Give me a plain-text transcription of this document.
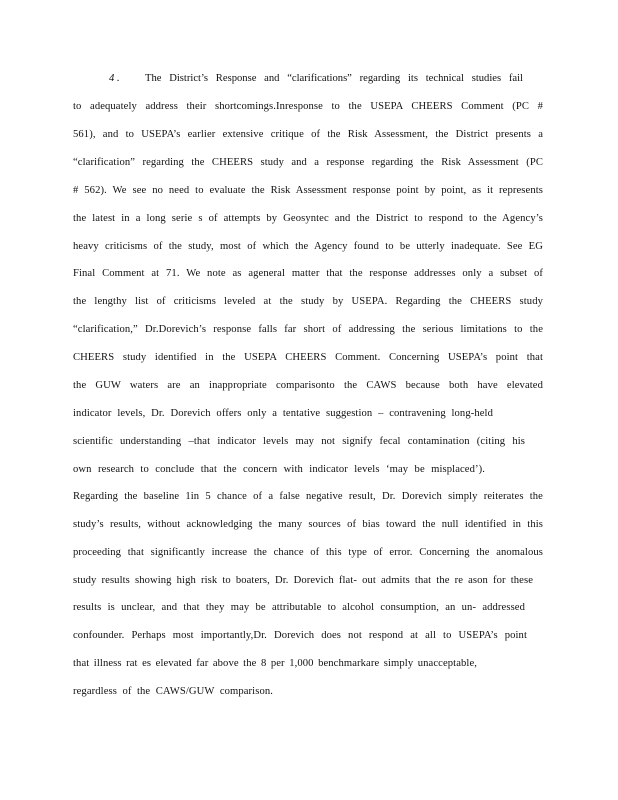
4 . The District’s Response and “clarifications” regarding its technical studies fail
to adequately address their shortcomings.Inresponse to the USEPA CHEERS Comment (PC #
561), and to USEPA’s earlier extensive critique of the Risk Assessment, the District presents a
“clarification” regarding the CHEERS study and a response regarding the Risk Assessment (PC
# 562). We see no need to evaluate the Risk Assessment response point by point, as it represents
the latest in a long serie s of attempts by Geosyntec and the District to respond to the Agency’s
heavy criticisms of the study, most of which the Agency found to be utterly inadequate. See EG
Final Comment at 71. We note as ageneral matter that the response addresses only a subset of
the lengthy list of criticisms leveled at the study by USEPA. Regarding the CHEERS study
“clarification,” Dr.Dorevich’s response falls far short of addressing the serious limitations to the
CHEERS study identified in the USEPA CHEERS Comment. Concerning USEPA’s point that
the GUW waters are an inappropriate comparisonto the CAWS because both have elevated
indicator levels, Dr. Dorevich offers only a tentative suggestion – contravening long-held
scientific understanding –that indicator levels may not signify fecal contamination (citing his
own research to conclude that the concern with indicator levels ‘may be misplaced’).
Regarding the baseline 1in 5 chance of a false negative result, Dr. Dorevich simply reiterates the
study’s results, without acknowledging the many sources of bias toward the null identified in this
proceeding that significantly increase the chance of this type of error. Concerning the anomalous
study results showing high risk to boaters, Dr. Dorevich flat- out admits that the re ason for these
results is unclear, and that they may be attributable to alcohol consumption, an un- addressed
confounder. Perhaps most importantly,Dr. Dorevich does not respond at all to USEPA’s point
that illness rat es elevated far above the 8 per 1,000 benchmarkare simply unacceptable,
regardless of the CAWS/GUW comparison.
